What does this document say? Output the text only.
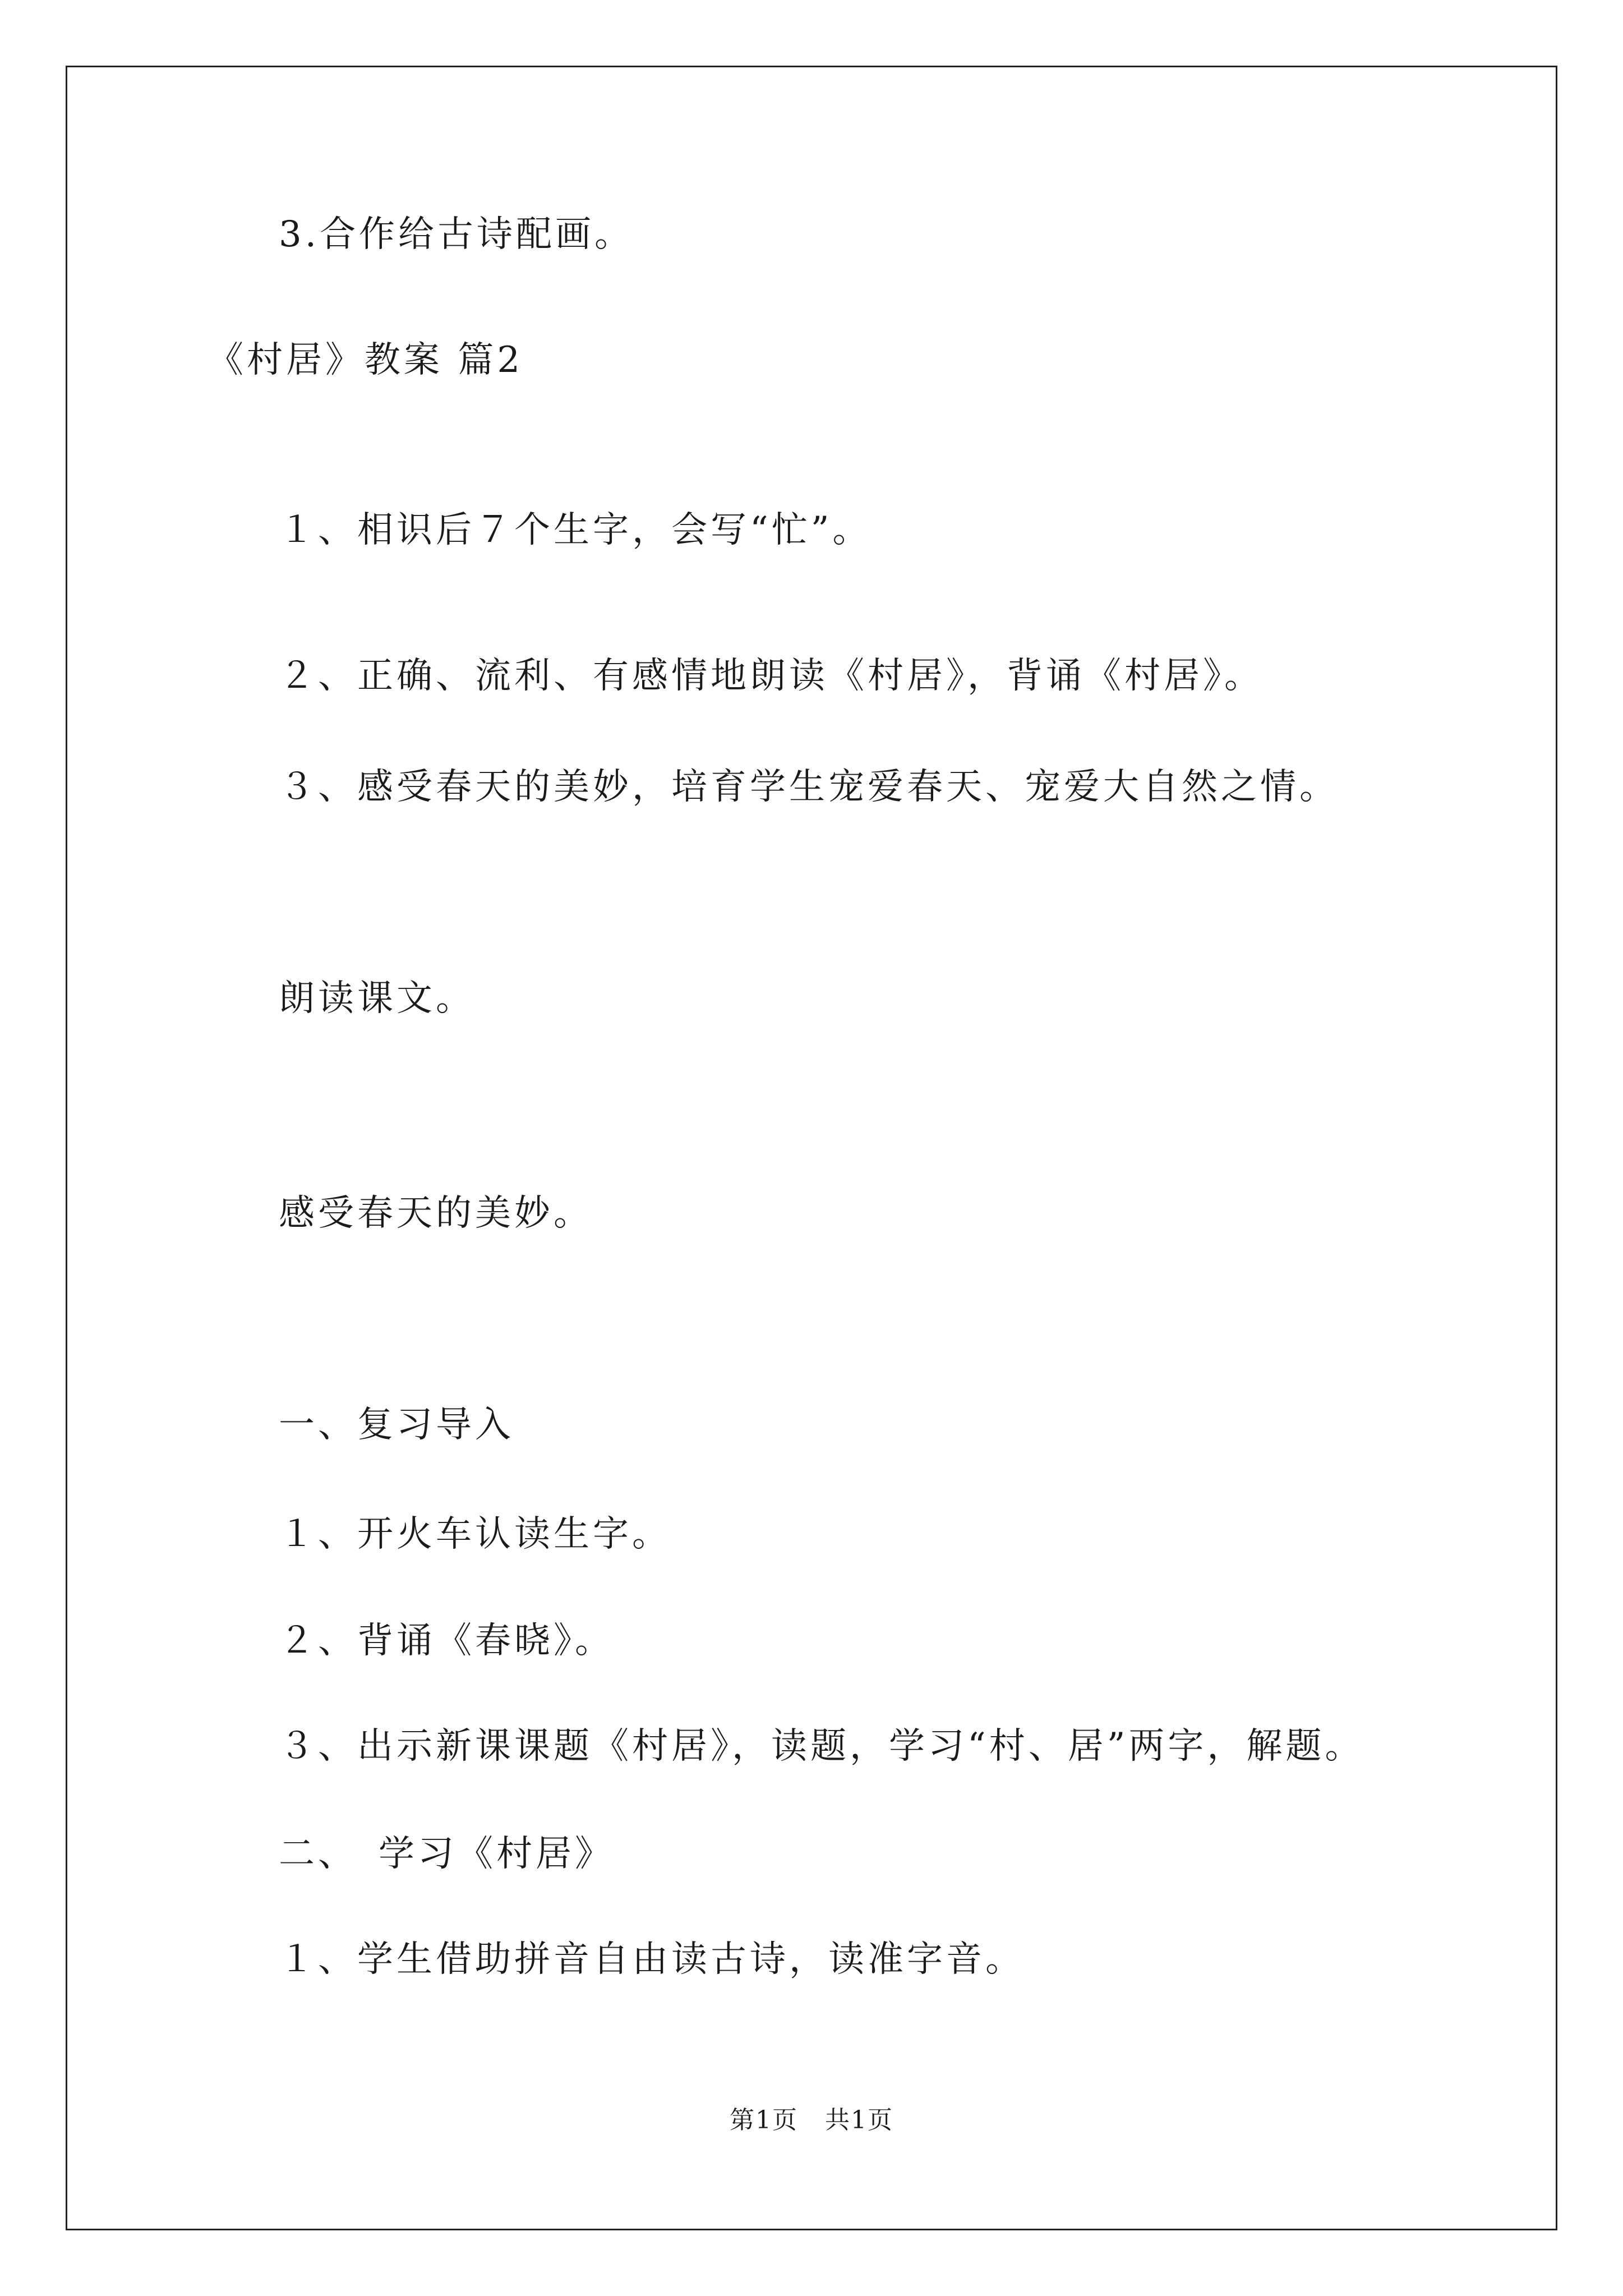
3.合作给古诗配画。
《村居》教案 篇2
１、相识后７个生字，会写“忙”。
２、正确、流利、有感情地朗读《村居》，背诵《村居》。
３、感受春天的美妙，培育学生宠爱春天、宠爱大自然之情。
朗读课文。
感受春天的美妙。
一、复习导入
１、开火车认读生字。
２、背诵《春晓》。
３、出示新课课题《村居》，读题，学习“村、居”两字，解题。
二、　学习《村居》
１、学生借助拼音自由读古诗，读准字音。
第1页 共1页
